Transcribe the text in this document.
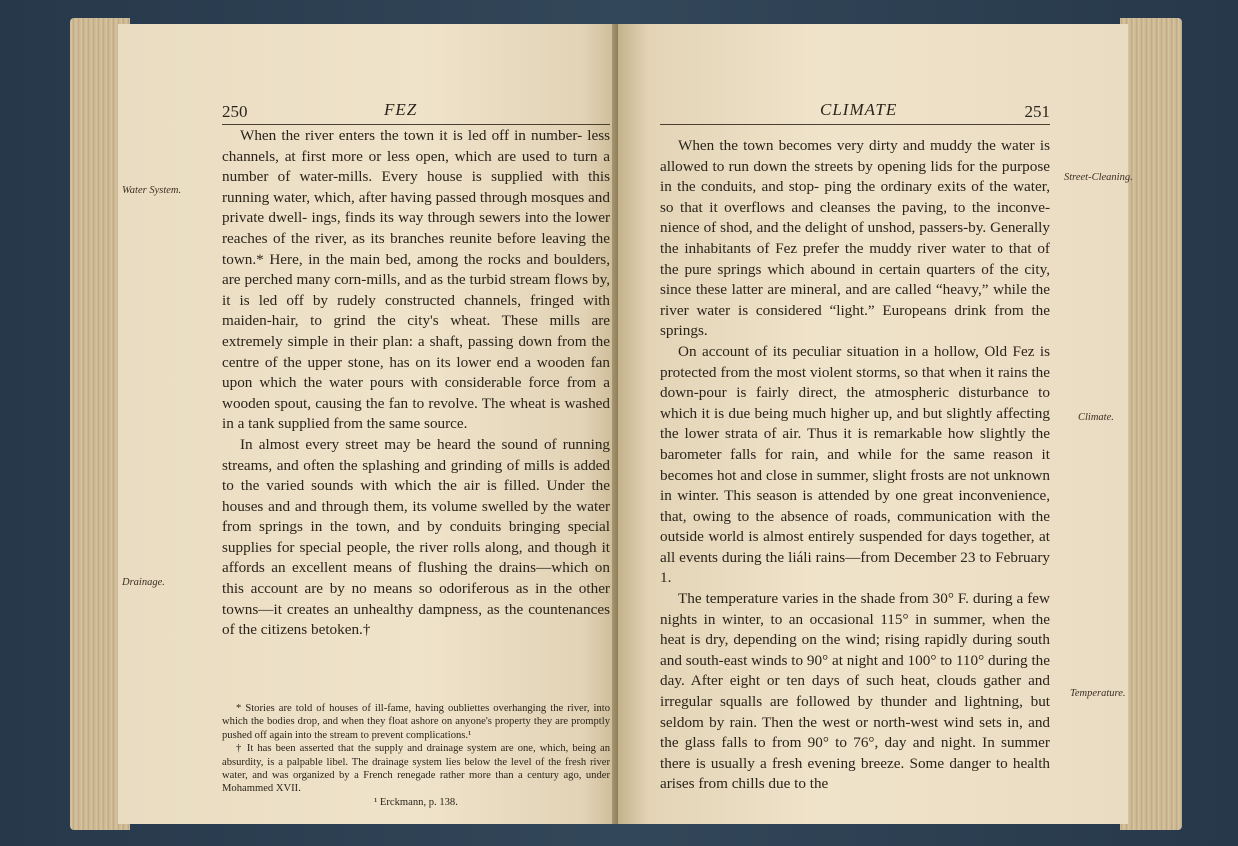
250	FEZ
Water System.
Drainage.

When the river enters the town it is led off in number- less channels, at first more or less open, which are used to turn a number of water-mills. Every house is supplied with this running water, which, after having passed through mosques and private dwell- ings, finds its way through sewers into the lower reaches of the river, as its branches reunite before leaving the town.* Here, in the main bed, among the rocks and boulders, are perched many corn-mills, and as the turbid stream flows by, it is led off by rudely constructed channels, fringed with maiden-hair, to grind the city's wheat. These mills are extremely simple in their plan: a shaft, passing down from the centre of the upper stone, has on its lower end a wooden fan upon which the water pours with considerable force from a wooden spout, causing the fan to revolve. The wheat is washed in a tank supplied from the same source.

In almost every street may be heard the sound of running streams, and often the splashing and grinding of mills is added to the varied sounds with which the air is filled. Under the houses and and through them, its volume swelled by the water from springs in the town, and by conduits bringing special supplies for special people, the river rolls along, and though it affords an excellent means of flushing the drains—which on this account are by no means so odoriferous as in the other towns—it creates an unhealthy dampness, as the countenances of the citizens betoken.†

* Stories are told of houses of ill-fame, having oubliettes overhanging the river, into which the bodies drop, and when they float ashore on anyone's property they are promptly pushed off again into the stream to prevent complications.¹

† It has been asserted that the supply and drainage system are one, which, being an absurdity, is a palpable libel. The drainage system lies below the level of the fresh river water, and was organized by a French renegade rather more than a century ago, under Mohammed XVII.

¹ Erckmann, p. 138.

CLIMATE	251
Street-Cleaning.
Climate.
Temperature.

When the town becomes very dirty and muddy the water is allowed to run down the streets by opening lids for the purpose in the conduits, and stop- ping the ordinary exits of the water, so that it overflows and cleanses the paving, to the inconve- nience of shod, and the delight of unshod, passers-by. Generally the inhabitants of Fez prefer the muddy river water to that of the pure springs which abound in certain quarters of the city, since these latter are mineral, and are called “heavy,” while the river water is considered “light.” Europeans drink from the springs.

On account of its peculiar situation in a hollow, Old Fez is protected from the most violent storms, so that when it rains the down-pour is fairly direct, the atmospheric disturbance to which it is due being much higher up, and but slightly affecting the lower strata of air. Thus it is remarkable how slightly the barometer falls for rain, and while for the same reason it becomes hot and close in summer, slight frosts are not unknown in winter. This season is attended by one great inconvenience, that, owing to the absence of roads, communication with the outside world is almost entirely suspended for days together, at all events during the liáli rains—from December 23 to February 1.

The temperature varies in the shade from 30° F. during a few nights in winter, to an occasional 115° in summer, when the heat is dry, depending on the wind; rising rapidly during south and south-east winds to 90° at night and 100° to 110° during the day. After eight or ten days of such heat, clouds gather and irregular squalls are followed by thunder and lightning, but seldom by rain. Then the west or north-west wind sets in, and the glass falls to from 90° to 76°, day and night. In summer there is usually a fresh evening breeze. Some danger to health arises from chills due to the
